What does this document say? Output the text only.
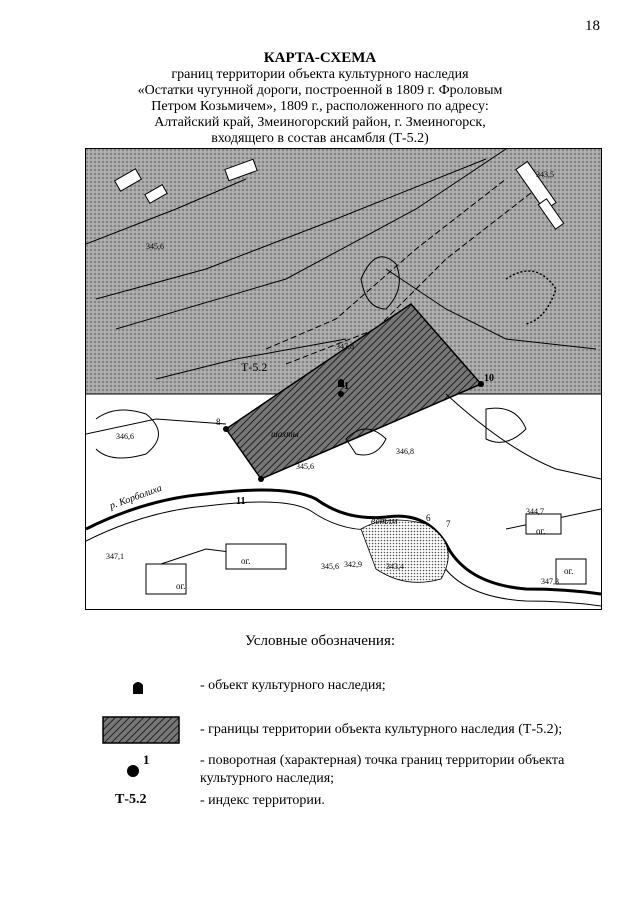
18
КАРТА-СХЕМА
границ территории объекта культурного наследия
«Остатки чугунной дороги, построенной в 1809 г. Фроловым
Петром Козьмичем», 1809 г., расположенного по адресу:
Алтайский край, Змеиногорский район, г. Змеиногорск,
входящего в состав ансамбля (Т-5.2)
Т-5.2
р. Корболиха
ветлм
шахты
ог.
ог.
ог.
ог.
343,5
345,6
347,1
346,6
345,6 342,9
346,8
344,7
347,3
343,4
347,8
345,6
1
10
11
7
8
6
Условные обозначения:
- объект культурного наследия;
- границы территории объекта культурного наследия (Т-5.2);
1	- поворотная (характерная) точка границ территории объекта культурного наследия;
Т-5.2	- индекс территории.
